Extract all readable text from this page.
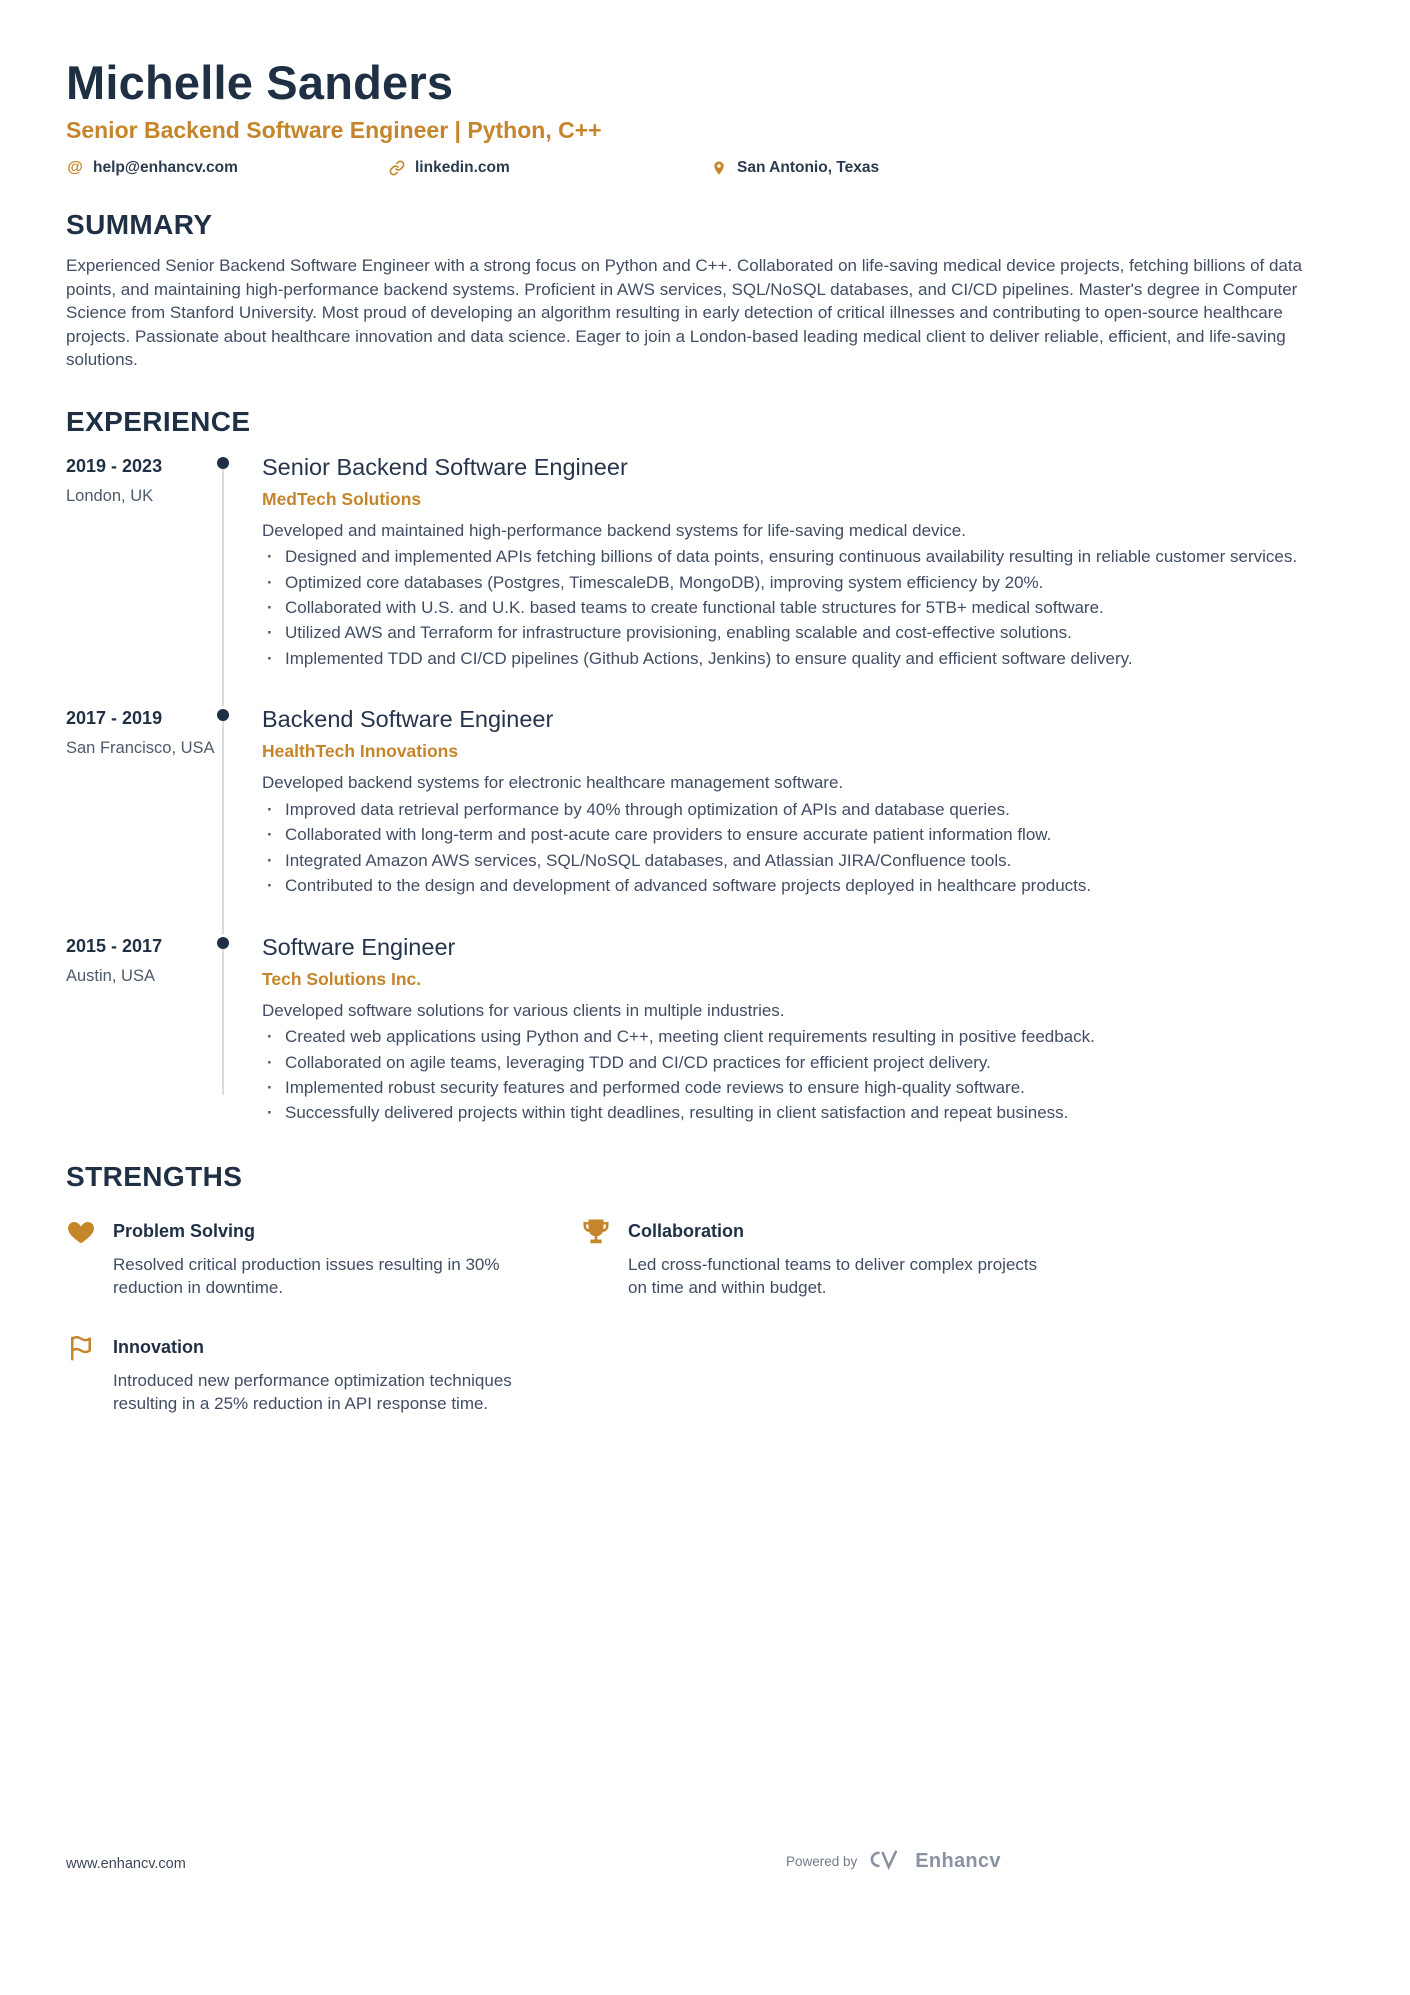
Michelle Sanders
Senior Backend Software Engineer | Python, C++
@ help@enhancv.com	linkedin.com	San Antonio, Texas
SUMMARY

Experienced Senior Backend Software Engineer with a strong focus on Python and C++. Collaborated on life-saving medical device projects, fetching billions of data points, and maintaining high-performance backend systems. Proficient in AWS services, SQL/NoSQL databases, and CI/CD pipelines. Master's degree in Computer Science from Stanford University. Most proud of developing an algorithm resulting in early detection of critical illnesses and contributing to open-source healthcare projects. Passionate about healthcare innovation and data science. Eager to join a London-based leading medical client to deliver reliable, efficient, and life-saving solutions.

EXPERIENCE
2019 - 2023
London, UK
Senior Backend Software Engineer
MedTech Solutions

Developed and maintained high-performance backend systems for life-saving medical device.

· Designed and implemented APIs fetching billions of data points, ensuring continuous availability resulting in reliable customer services.
· Optimized core databases (Postgres, TimescaleDB, MongoDB), improving system efficiency by 20%.
· Collaborated with U.S. and U.K. based teams to create functional table structures for 5TB+ medical software.
· Utilized AWS and Terraform for infrastructure provisioning, enabling scalable and cost-effective solutions.
· Implemented TDD and CI/CD pipelines (Github Actions, Jenkins) to ensure quality and efficient software delivery.
2017 - 2019
San Francisco, USA
Backend Software Engineer
HealthTech Innovations

Developed backend systems for electronic healthcare management software.

· Improved data retrieval performance by 40% through optimization of APIs and database queries.
· Collaborated with long-term and post-acute care providers to ensure accurate patient information flow.
· Integrated Amazon AWS services, SQL/NoSQL databases, and Atlassian JIRA/Confluence tools.
· Contributed to the design and development of advanced software projects deployed in healthcare products.
2015 - 2017
Austin, USA
Software Engineer
Tech Solutions Inc.

Developed software solutions for various clients in multiple industries.

· Created web applications using Python and C++, meeting client requirements resulting in positive feedback.
· Collaborated on agile teams, leveraging TDD and CI/CD practices for efficient project delivery.
· Implemented robust security features and performed code reviews to ensure high-quality software.
· Successfully delivered projects within tight deadlines, resulting in client satisfaction and repeat business.
STRENGTHS
Problem Solving
Resolved critical production issues resulting in 30% reduction in downtime.
Collaboration
Led cross-functional teams to deliver complex projects on time and within budget.
Innovation
Introduced new performance optimization techniques resulting in a 25% reduction in API response time.
www.enhancv.com	Powered by	Enhancv
